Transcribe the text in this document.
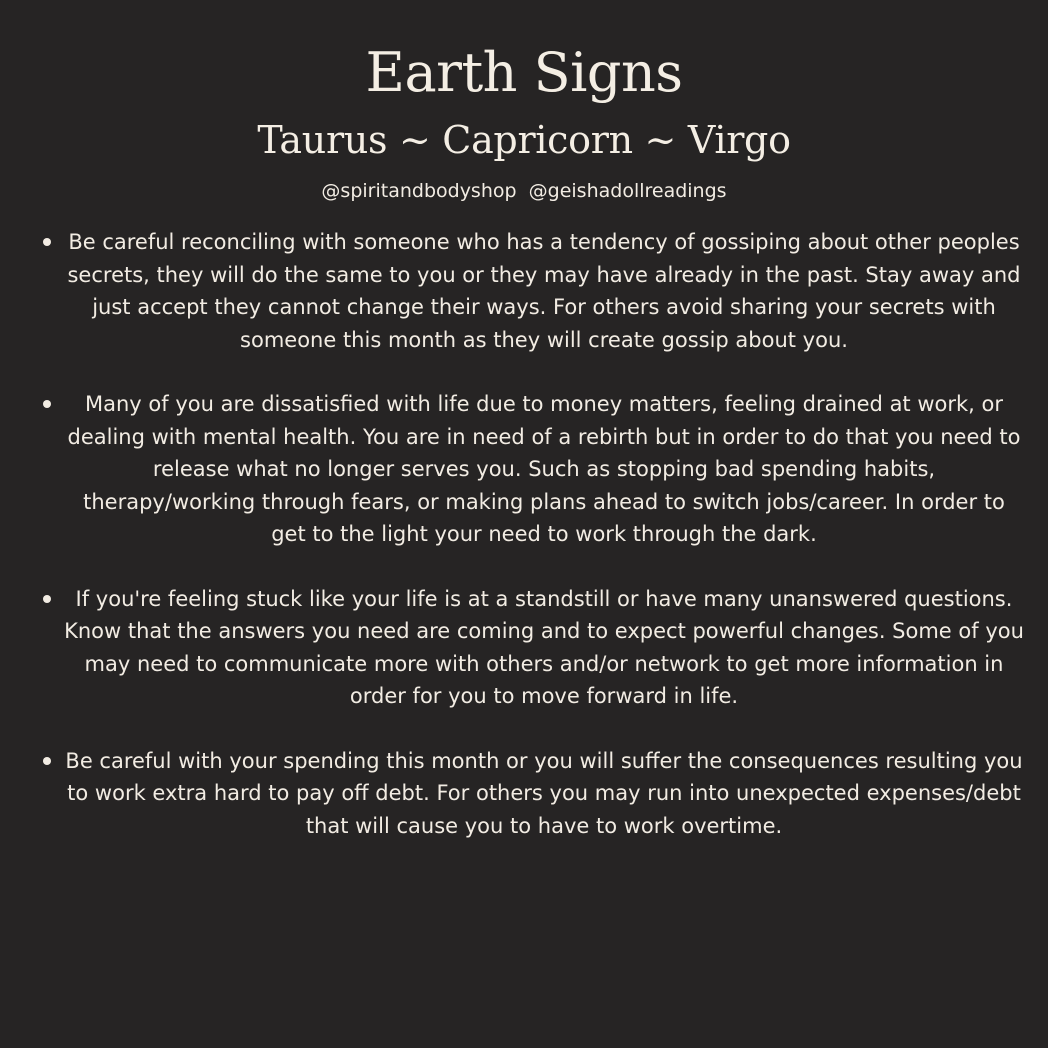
Earth Signs
Taurus ~ Capricorn ~ Virgo
@spiritandbodyshop  @geishadollreadings
Be careful reconciling with someone who has a tendency of gossiping about other peoples secrets, they will do the same to you or they may have already in the past. Stay away and just accept they cannot change their ways. For others avoid sharing your secrets with someone this month as they will create gossip about you.
Many of you are dissatisfied with life due to money matters, feeling drained at work, or dealing with mental health. You are in need of a rebirth but in order to do that you need to release what no longer serves you. Such as stopping bad spending habits, therapy/working through fears, or making plans ahead to switch jobs/career. In order to get to the light your need to work through the dark.
If you're feeling stuck like your life is at a standstill or have many unanswered questions. Know that the answers you need are coming and to expect powerful changes. Some of you may need to communicate more with others and/or network to get more information in order for you to move forward in life.
Be careful with your spending this month or you will suffer the consequences resulting you to work extra hard to pay off debt. For others you may run into unexpected expenses/debt that will cause you to have to work overtime.
